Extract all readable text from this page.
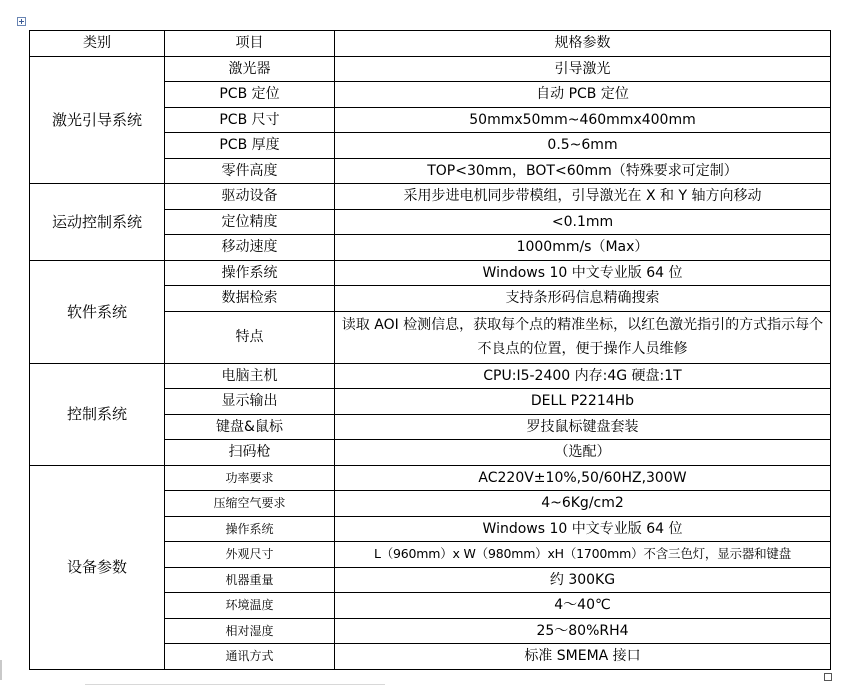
类别	项目	规格参数
激光引导系统	激光器	引导激光
	PCB 定位	自动 PCB 定位
	PCB 尺寸	50mmx50mm~460mmx400mm
	PCB 厚度	0.5~6mm
	零件高度	TOP<30mm，BOT<60mm（特殊要求可定制）
运动控制系统	驱动设备	采用步进电机同步带模组，引导激光在 X 和 Y 轴方向移动
	定位精度	<0.1mm
	移动速度	1000mm/s（Max）
软件系统	操作系统	Windows 10 中文专业版 64 位
	数据检索	支持条形码信息精确搜索
	特点	读取 AOI 检测信息，获取每个点的精准坐标，以红色激光指引的方式指示每个不良点的位置，便于操作人员维修
控制系统	电脑主机	CPU:I5-2400 内存:4G 硬盘:1T
	显示输出	DELL P2214Hb
	键盘&鼠标	罗技鼠标键盘套装
	扫码枪	（选配）
设备参数	功率要求	AC220V±10%,50/60HZ,300W
	压缩空气要求	4~6Kg/cm2
	操作系统	Windows 10 中文专业版 64 位
	外观尺寸	L（960mm）x W（980mm）xH（1700mm）不含三色灯，显示器和键盘
	机器重量	约 300KG
	环境温度	4～40℃
	相对湿度	25～80%RH4
	通讯方式	标准 SMEMA 接口
